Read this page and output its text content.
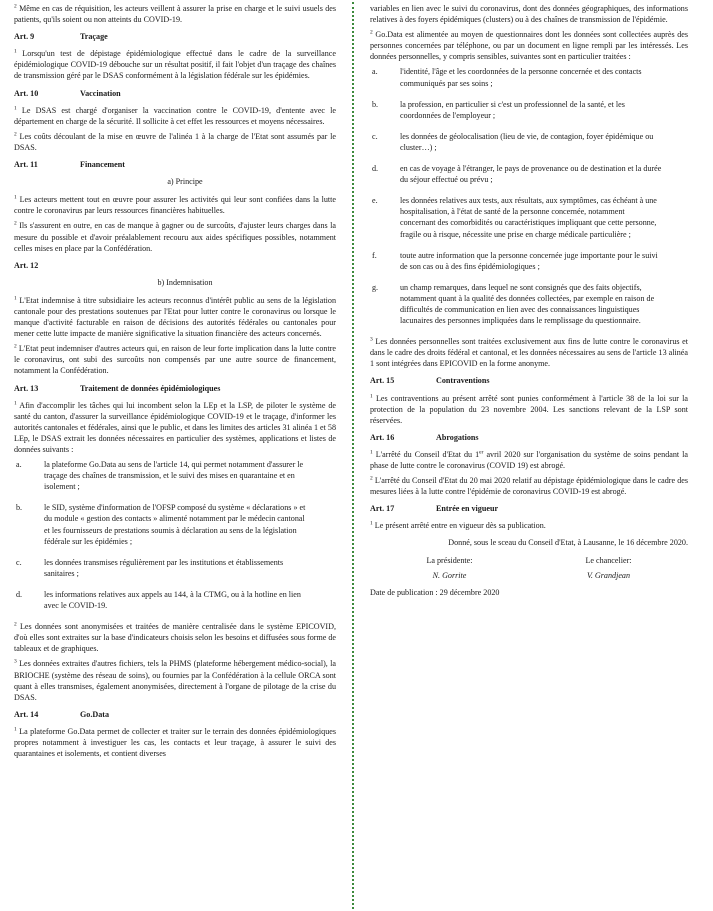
$^2$ Même en cas de réquisition, les acteurs veillent à assurer la prise en charge et le suivi usuels des patients, qu'ils soient ou non atteints du COVID-19.

Art. 9	Traçage

$^1$ Lorsqu'un test de dépistage épidémiologique effectué dans le cadre de la surveillance épidémiologique COVID-19 débouche sur un résultat positif, il fait l'objet d'un traçage des chaînes de transmission géré par le DSAS conformément à la législation fédérale sur les épidémies.

Art. 10	Vaccination

$^1$ Le DSAS est chargé d'organiser la vaccination contre le COVID-19, d'entente avec le département en charge de la sécurité. Il sollicite à cet effet les ressources et moyens nécessaires.

$^2$ Les coûts découlant de la mise en œuvre de l'alinéa 1 à la charge de l'Etat sont assumés par le DSAS.

Art. 11	Financement
a) Principe

$^1$ Les acteurs mettent tout en œuvre pour assurer les activités qui leur sont confiées dans la lutte contre le coronavirus par leurs ressources financières habituelles.

$^2$ Ils s'assurent en outre, en cas de manque à gagner ou de surcoûts, d'ajuster leurs charges dans la mesure du possible et d'avoir préalablement recouru aux aides spécifiques possibles, notamment celles mises en place par la Confédération.

Art. 12
b) Indemnisation

$^1$ L'Etat indemnise à titre subsidiaire les acteurs reconnus d'intérêt public au sens de la législation cantonale pour des prestations soutenues par l'Etat pour lutter contre le coronavirus ou lorsque le manque d'activité facturable en raison de décisions des autorités fédérales ou cantonales pour mener cette lutte impacte de manière significative la situation financière des acteurs concernés.

$^2$ L'Etat peut indemniser d'autres acteurs qui, en raison de leur forte implication dans la lutte contre le coronavirus, ont subi des surcoûts non compensés par une autre source de financement, notamment la Confédération.

Art. 13	Traitement de données épidémiologiques

$^1$ Afin d'accomplir les tâches qui lui incombent selon la LEp et la LSP, de piloter le système de santé du canton, d'assurer la surveillance épidémiologique COVID-19 et le traçage, d'informer les autorités cantonales et fédérales, ainsi que le public, et dans les limites des articles 31 alinéa 1 et 58 LEp, le DSAS extrait les données nécessaires en particulier des systèmes, applications et listes de données suivants :

a.	la plateforme Go.Data au sens de l'article 14, qui permet notamment d'assurer le traçage des chaînes de transmission, et le suivi des mises en quarantaine et en isolement ;
b.	le SID, système d'information de l'OFSP composé du système « déclarations » et du module « gestion des contacts » alimenté notamment par le médecin cantonal et les fournisseurs de prestations soumis à déclaration au sens de la législation fédérale sur les épidémies ;
c.	les données transmises régulièrement par les institutions et établissements sanitaires ;
d.	les informations relatives aux appels au 144, à la CTMG, ou à la hotline en lien avec le COVID-19.

$^2$ Les données sont anonymisées et traitées de manière centralisée dans le système EPICOVID, d'où elles sont extraites sur la base d'indicateurs choisis selon les besoins et diffusées sous forme de tableaux et de graphiques.

$^3$ Les données extraites d'autres fichiers, tels la PHMS (plateforme hébergement médico-social), la BRIOCHE (système des réseau de soins), ou fournies par la Confédération à la cellule ORCA sont quant à elles transmises, également anonymisées, directement à l'organe de pilotage de la crise du DSAS.

Art. 14	Go.Data

$^1$ La plateforme Go.Data permet de collecter et traiter sur le terrain des données épidémiologiques propres notamment à investiguer les cas, les contacts et leur traçage, à assurer le suivi des quarantaines et isolements, et contient diverses

variables en lien avec le suivi du coronavirus, dont des données géographiques, des informations relatives à des foyers épidémiques (clusters) ou à des chaînes de transmission de l'épidémie.

$^2$ Go.Data est alimentée au moyen de questionnaires dont les données sont collectées auprès des personnes concernées par téléphone, ou par un document en ligne rempli par les intéressés. Les données personnelles, y compris sensibles, suivantes sont en particulier traitées :

a.	l'identité, l'âge et les coordonnées de la personne concernée et des contacts communiqués par ses soins ;
b.	la profession, en particulier si c'est un professionnel de la santé, et les coordonnées de l'employeur ;
c.	les données de géolocalisation (lieu de vie, de contagion, foyer épidémique ou cluster…) ;
d.	en cas de voyage à l'étranger, le pays de provenance ou de destination et la durée du séjour effectué ou prévu ;
e.	les données relatives aux tests, aux résultats, aux symptômes, cas échéant à une hospitalisation, à l'état de santé de la personne concernée, notamment concernant des comorbidités ou caractéristiques impliquant que cette personne, fragile ou à risque, nécessite une prise en charge médicale particulière ;
f.	toute autre information que la personne concernée juge importante pour le suivi de son cas ou à des fins épidémiologiques ;
g.	un champ remarques, dans lequel ne sont consignés que des faits objectifs, notamment quant à la qualité des données collectées, par exemple en raison de difficultés de communication en lien avec des connaissances linguistiques lacunaires des personnes impliquées dans le remplissage du questionnaire.

$^3$ Les données personnelles sont traitées exclusivement aux fins de lutte contre le coronavirus et dans le cadre des droits fédéral et cantonal, et les données nécessaires au sens de l'article 13 alinéa 1 sont intégrées dans EPICOVID en la forme anonyme.

Art. 15	Contraventions

$^1$ Les contraventions au présent arrêté sont punies conformément à l'article 38 de la loi sur la protection de la population du 23 novembre 2004. Les sanctions relevant de la LSP sont réservées.

Art. 16	Abrogations

$^1$ L'arrêté du Conseil d'Etat du 1er avril 2020 sur l'organisation du système de soins pendant la phase de lutte contre le coronavirus (COVID 19) est abrogé.

$^2$ L'arrêté du Conseil d'Etat du 20 mai 2020 relatif au dépistage épidémiologique dans le cadre des mesures liées à la lutte contre l'épidémie de coronavirus COVID-19 est abrogé.

Art. 17	Entrée en vigueur

$^1$ Le présent arrêté entre en vigueur dès sa publication.

Donné, sous le sceau du Conseil d'Etat, à Lausanne, le 16 décembre 2020.
La présidente:	Le chancelier:
N. Gorrite	V. Grandjean
Date de publication : 29 décembre 2020
